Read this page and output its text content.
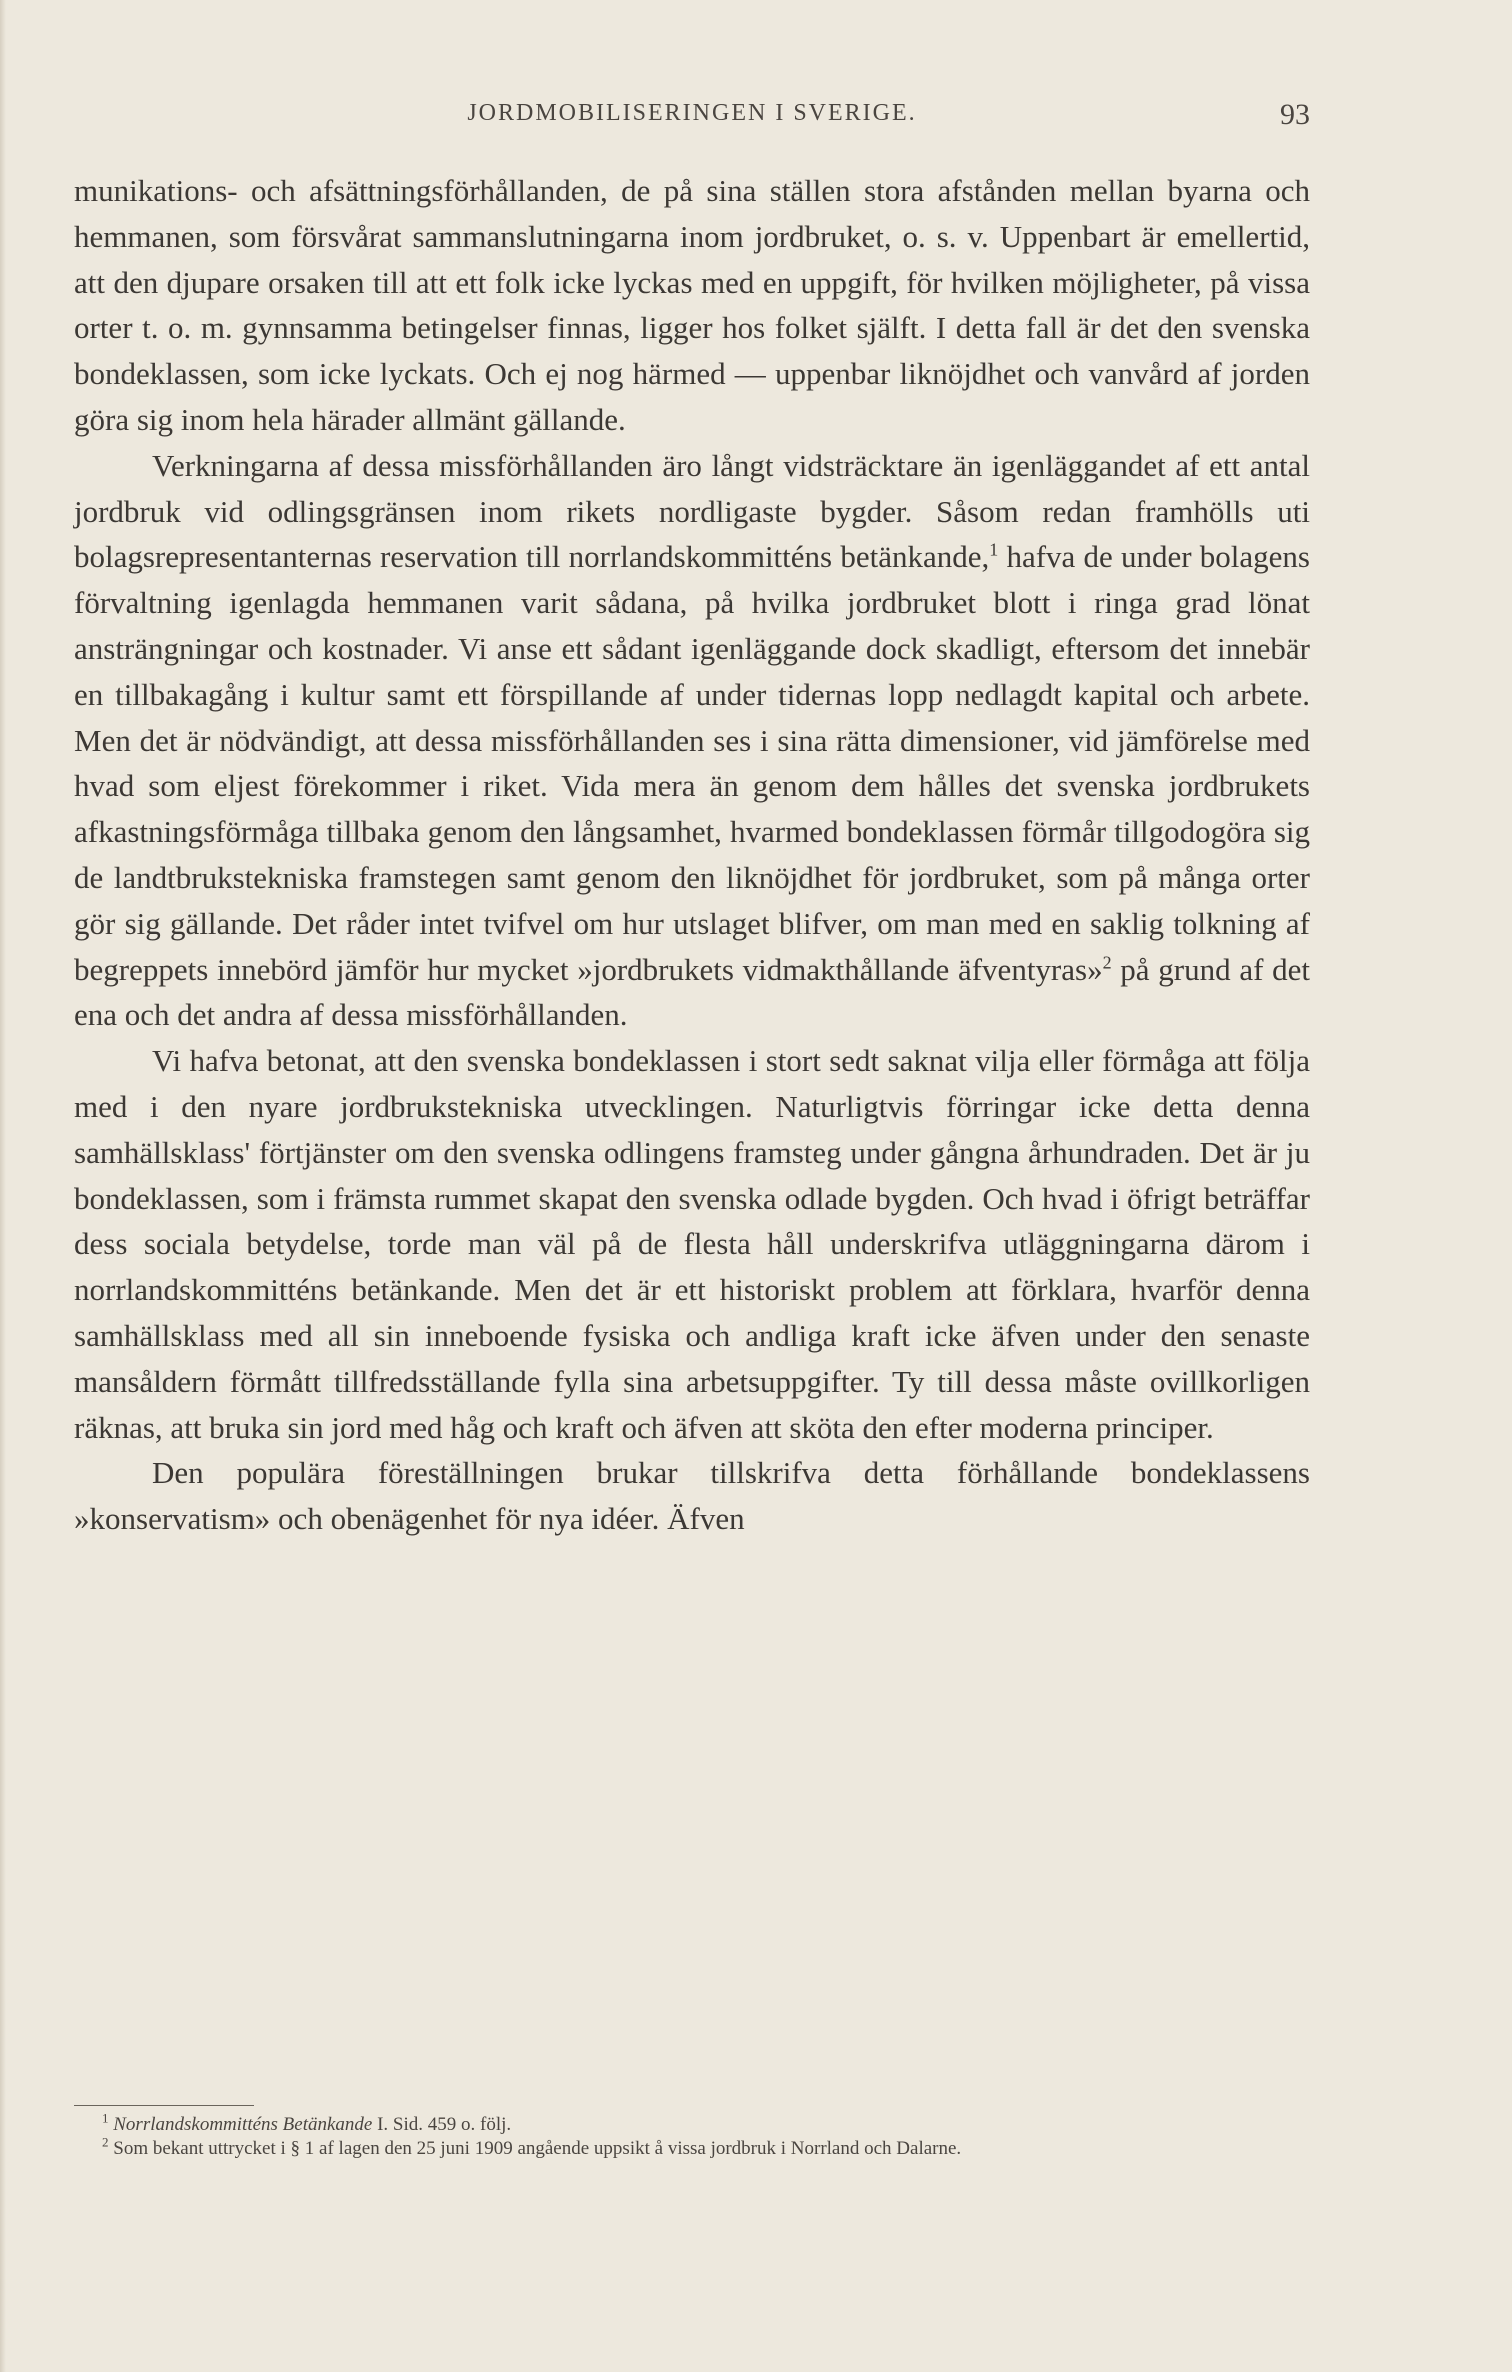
JORDMOBILISERINGEN I SVERIGE.	93

munikations- och afsättningsförhållanden, de på sina ställen stora afstånden mellan byarna och hemmanen, som försvårat sammanslutningarna inom jordbruket, o. s. v. Uppenbart är emellertid, att den djupare orsaken till att ett folk icke lyckas med en uppgift, för hvilken möjligheter, på vissa orter t. o. m. gynnsamma betingelser finnas, ligger hos folket själft. I detta fall är det den svenska bondeklassen, som icke lyckats. Och ej nog härmed — uppenbar liknöjdhet och vanvård af jorden göra sig inom hela härader allmänt gällande.

Verkningarna af dessa missförhållanden äro långt vidsträcktare än igenläggandet af ett antal jordbruk vid odlingsgränsen inom rikets nordligaste bygder. Såsom redan framhölls uti bolagsrepresentanternas reservation till norrlandskommitténs betänkande,$^1$ hafva de under bolagens förvaltning igenlagda hemmanen varit sådana, på hvilka jordbruket blott i ringa grad lönat ansträngningar och kostnader. Vi anse ett sådant igenläggande dock skadligt, eftersom det innebär en tillbakagång i kultur samt ett förspillande af under tidernas lopp nedlagdt kapital och arbete. Men det är nödvändigt, att dessa missförhållanden ses i sina rätta dimensioner, vid jämförelse med hvad som eljest förekommer i riket. Vida mera än genom dem hålles det svenska jordbrukets afkastningsförmåga tillbaka genom den långsamhet, hvarmed bondeklassen förmår tillgodogöra sig de landtbrukstekniska framstegen samt genom den liknöjdhet för jordbruket, som på många orter gör sig gällande. Det råder intet tvifvel om hur utslaget blifver, om man med en saklig tolkning af begreppets innebörd jämför hur mycket »jordbrukets vidmakthållande äfventyras»$^2$ på grund af det ena och det andra af dessa missförhållanden.

Vi hafva betonat, att den svenska bondeklassen i stort sedt saknat vilja eller förmåga att följa med i den nyare jordbrukstekniska utvecklingen. Naturligtvis förringar icke detta denna samhällsklass' förtjänster om den svenska odlingens framsteg under gångna århundraden. Det är ju bondeklassen, som i främsta rummet skapat den svenska odlade bygden. Och hvad i öfrigt beträffar dess sociala betydelse, torde man väl på de flesta håll underskrifva utläggningarna därom i norrlandskommitténs betänkande. Men det är ett historiskt problem att förklara, hvarför denna samhällsklass med all sin inneboende fysiska och andliga kraft icke äfven under den senaste mansåldern förmått tillfredsställande fylla sina arbetsuppgifter. Ty till dessa måste ovillkorligen räknas, att bruka sin jord med håg och kraft och äfven att sköta den efter moderna principer.

Den populära föreställningen brukar tillskrifva detta förhållande bondeklassens »konservatism» och obenägenhet för nya idéer. Äfven

$^1$ Norrlandskommitténs Betänkande I. Sid. 459 o. följ.

$^2$ Som bekant uttrycket i § 1 af lagen den 25 juni 1909 angående uppsikt å vissa jordbruk i Norrland och Dalarne.
